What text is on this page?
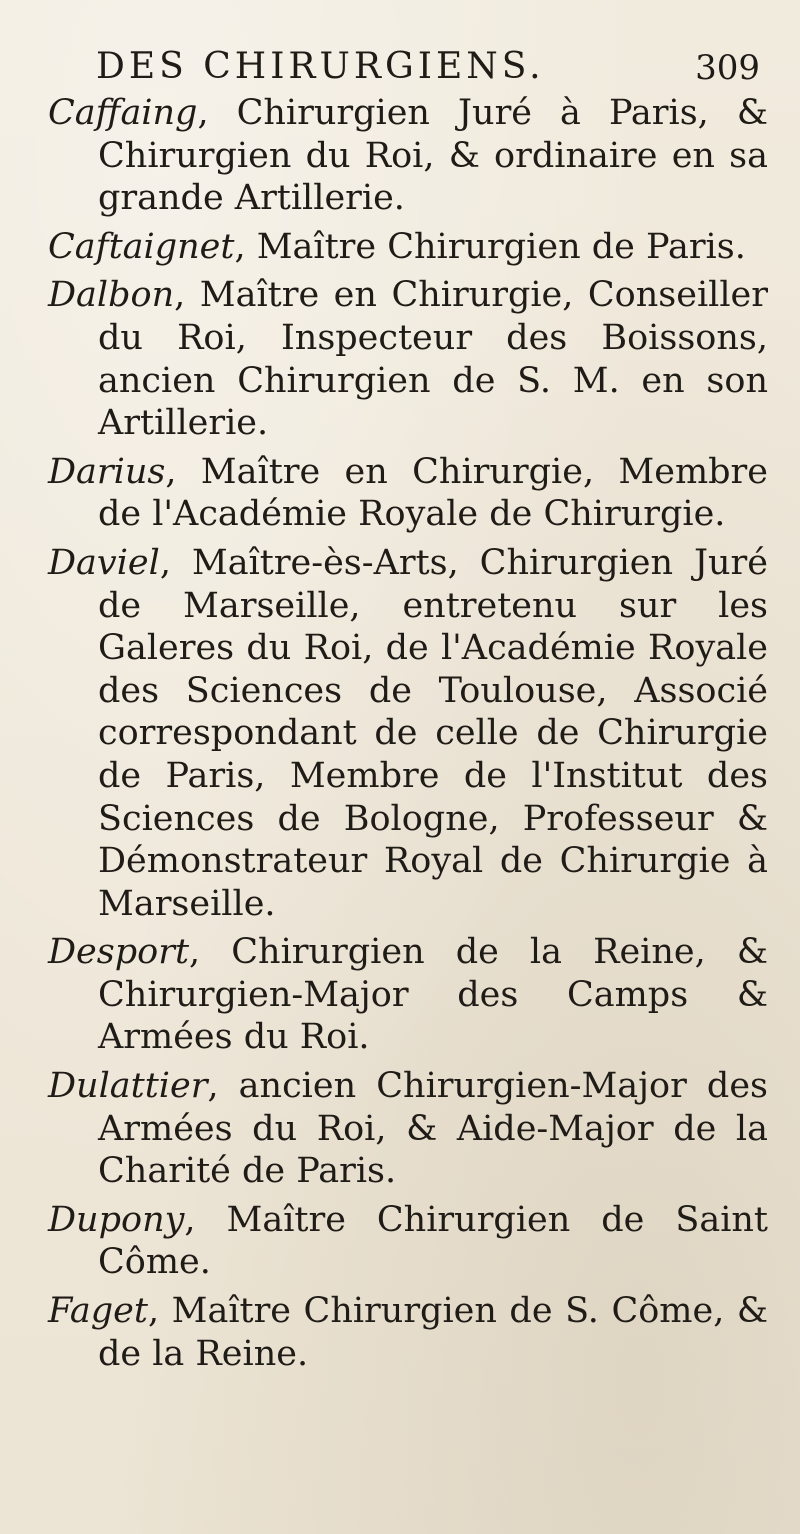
DES CHIRURGIENS.	309

Caffaing, Chirurgien Juré à Paris, & Chirurgien du Roi, & ordinaire en sa grande Artillerie.

Caftaignet, Maître Chirurgien de Paris.

Dalbon, Maître en Chirurgie, Conseiller du Roi, Inspecteur des Boissons, ancien Chirurgien de S. M. en son Artillerie.

Darius, Maître en Chirurgie, Membre de l'Académie Royale de Chirurgie.

Daviel, Maître-ès-Arts, Chirurgien Juré de Marseille, entretenu sur les Galeres du Roi, de l'Académie Royale des Sciences de Toulouse, Associé correspondant de celle de Chirurgie de Paris, Membre de l'Institut des Sciences de Bologne, Professeur & Démonstrateur Royal de Chirurgie à Marseille.

Desport, Chirurgien de la Reine, & Chirurgien-Major des Camps & Armées du Roi.

Dulattier, ancien Chirurgien-Major des Armées du Roi, & Aide-Major de la Charité de Paris.

Dupony, Maître Chirurgien de Saint Côme.

Faget, Maître Chirurgien de S. Côme, & de la Reine.
